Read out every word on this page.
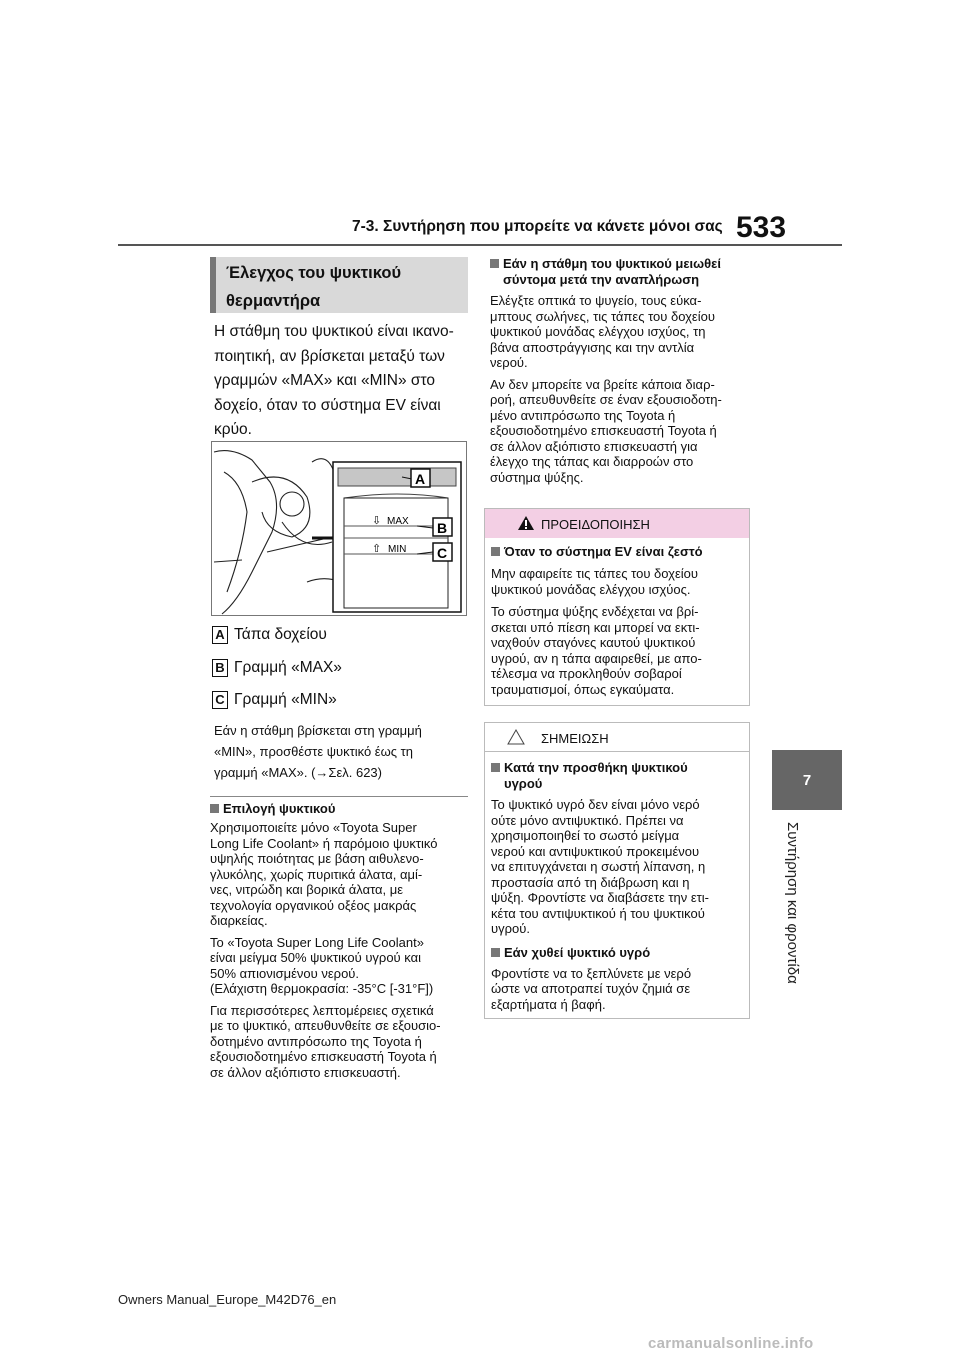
7-3. Συντήρηση που μπορείτε να κάνετε μόνοι σας 533
7
Συντήρηση και φροντίδα
Έλεγχος του ψυκτικού
θερμαντήρα
Η στάθμη του ψυκτικού είναι ικανο-
ποιητική, αν βρίσκεται μεταξύ των
γραμμών «MAX» και «MIN» στο
δοχείο, όταν το σύστημα EV είναι
κρύο.
⇩ MAX
⇧ MIN
A
B
C
A Τάπα δοχείου
B Γραμμή «MAX»
C Γραμμή «MIN»
Εάν η στάθμη βρίσκεται στη γραμμή
«MIN», προσθέστε ψυκτικό έως τη
γραμμή «MAX». (→Σελ. 623)
Επιλογή ψυκτικού
Χρησιμοποιείτε μόνο «Toyota Super
Long Life Coolant» ή παρόμοιο ψυκτικό
υψηλής ποιότητας με βάση αιθυλενο-
γλυκόλης, χωρίς πυριτικά άλατα, αμί-
νες, νιτρώδη και βορικά άλατα, με
τεχνολογία οργανικού οξέος μακράς
διαρκείας.
Το «Toyota Super Long Life Coolant»
είναι μείγμα 50% ψυκτικού υγρού και
50% απιονισμένου νερού.
(Ελάχιστη θερμοκρασία: -35°C [-31°F])
Για περισσότερες λεπτομέρειες σχετικά
με το ψυκτικό, απευθυνθείτε σε εξουσιο-
δοτημένο αντιπρόσωπο της Toyota ή
εξουσιοδοτημένο επισκευαστή Toyota ή
σε άλλον αξιόπιστο επισκευαστή.
Εάν η στάθμη του ψυκτικού μειωθεί
σύντομα μετά την αναπλήρωση
Ελέγξτε οπτικά το ψυγείο, τους εύκα-
μπτους σωλήνες, τις τάπες του δοχείου
ψυκτικού μονάδας ελέγχου ισχύος, τη
βάνα αποστράγγισης και την αντλία
νερού.
Αν δεν μπορείτε να βρείτε κάποια διαρ-
ροή, απευθυνθείτε σε έναν εξουσιοδοτη-
μένο αντιπρόσωπο της Toyota ή
εξουσιοδοτημένο επισκευαστή Toyota ή
σε άλλον αξιόπιστο επισκευαστή για
έλεγχο της τάπας και διαρροών στο
σύστημα ψύξης.
ΠΡΟΕΙΔΟΠΟΙΗΣΗ
Όταν το σύστημα EV είναι ζεστό
Μην αφαιρείτε τις τάπες του δοχείου
ψυκτικού μονάδας ελέγχου ισχύος.
Το σύστημα ψύξης ενδέχεται να βρί-
σκεται υπό πίεση και μπορεί να εκτι-
ναχθούν σταγόνες καυτού ψυκτικού
υγρού, αν η τάπα αφαιρεθεί, με απο-
τέλεσμα να προκληθούν σοβαροί
τραυματισμοί, όπως εγκαύματα.
ΣΗΜΕΙΩΣΗ
Κατά την προσθήκη ψυκτικού
υγρού
Το ψυκτικό υγρό δεν είναι μόνο νερό
ούτε μόνο αντιψυκτικό. Πρέπει να
χρησιμοποιηθεί το σωστό μείγμα
νερού και αντιψυκτικού προκειμένου
να επιτυγχάνεται η σωστή λίπανση, η
προστασία από τη διάβρωση και η
ψύξη. Φροντίστε να διαβάσετε την ετι-
κέτα του αντιψυκτικού ή του ψυκτικού
υγρού.
Εάν χυθεί ψυκτικό υγρό
Φροντίστε να το ξεπλύνετε με νερό
ώστε να αποτραπεί τυχόν ζημιά σε
εξαρτήματα ή βαφή.
Owners Manual_Europe_M42D76_en
carmanualsonline.info
